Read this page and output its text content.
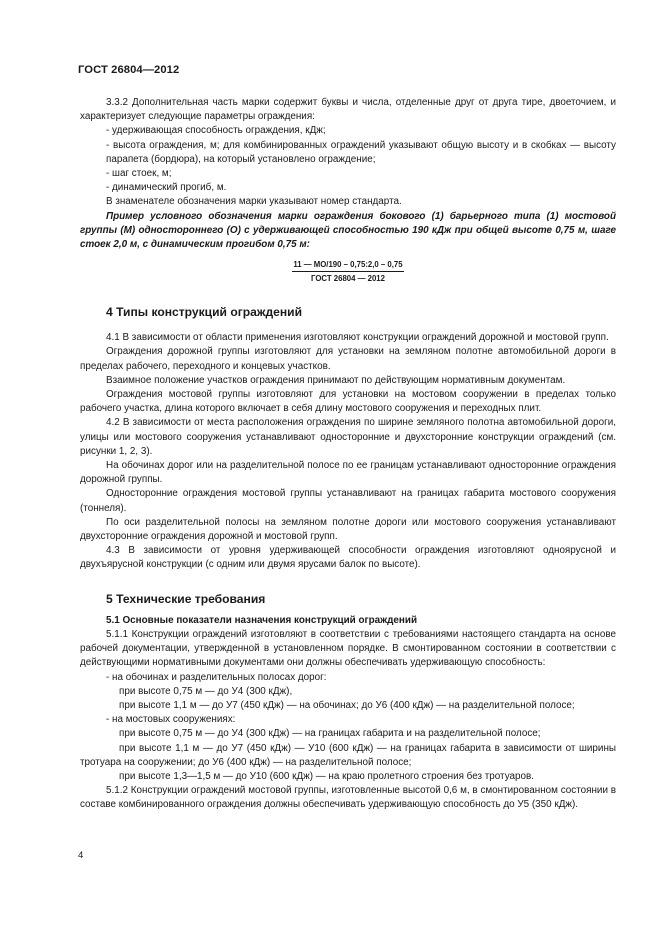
ГОСТ 26804—2012

3.3.2 Дополнительная часть марки содержит буквы и числа, отделенные друг от друга тире, двоеточием, и характеризует следующие параметры ограждения:

- удерживающая способность ограждения, кДж;

- высота ограждения, м; для комбинированных ограждений указывают общую высоту и в скобках — высоту парапета (бордюра), на который установлено ограждение;

- шаг стоек, м;

- динамический прогиб, м.

В знаменателе обозначения марки указывают номер стандарта.

Пример условного обозначения марки ограждения бокового (1) барьерного типа (1) мостовой группы (М) одностороннего (О) с удерживающей способностью 190 кДж при общей высоте 0,75 м, шаге стоек 2,0 м, с динамическим прогибом 0,75 м:

11 — МО/190 – 0,75:2,0 – 0,75
ГОСТ 26804 — 2012
4 Типы конструкций ограждений

4.1 В зависимости от области применения изготовляют конструкции ограждений дорожной и мостовой групп.

Ограждения дорожной группы изготовляют для установки на земляном полотне автомобильной дороги в пределах рабочего, переходного и концевых участков.

Взаимное положение участков ограждения принимают по действующим нормативным документам.

Ограждения мостовой группы изготовляют для установки на мостовом сооружении в пределах только рабочего участка, длина которого включает в себя длину мостового сооружения и переходных плит.

4.2 В зависимости от места расположения ограждения по ширине земляного полотна автомобильной дороги, улицы или мостового сооружения устанавливают односторонние и двухсторонние конструкции ограждений (см. рисунки 1, 2, 3).

На обочинах дорог или на разделительной полосе по ее границам устанавливают односторонние ограждения дорожной группы.

Односторонние ограждения мостовой группы устанавливают на границах габарита мостового сооружения (тоннеля).

По оси разделительной полосы на земляном полотне дороги или мостового сооружения устанавливают двухсторонние ограждения дорожной и мостовой групп.

4.3 В зависимости от уровня удерживающей способности ограждения изготовляют одноярусной и двухъярусной конструкции (с одним или двумя ярусами балок по высоте).

5 Технические требования
5.1 Основные показатели назначения конструкций ограждений

5.1.1 Конструкции ограждений изготовляют в соответствии с требованиями настоящего стандарта на основе рабочей документации, утвержденной в установленном порядке. В смонтированном состоянии в соответствии с действующими нормативными документами они должны обеспечивать удерживающую способность:

- на обочинах и разделительных полосах дорог:

при высоте 0,75 м — до У4 (300 кДж),

при высоте 1,1 м — до У7 (450 кДж) — на обочинах; до У6 (400 кДж) — на разделительной полосе;

- на мостовых сооружениях:

при высоте 0,75 м — до У4 (300 кДж) — на границах габарита и на разделительной полосе;

при высоте 1,1 м — до У7 (450 кДж) — У10 (600 кДж) — на границах габарита в зависимости от ширины тротуара на сооружении; до У6 (400 кДж) — на разделительной полосе;

при высоте 1,3—1,5 м — до У10 (600 кДж) — на краю пролетного строения без тротуаров.

5.1.2 Конструкции ограждений мостовой группы, изготовленные высотой 0,6 м, в смонтированном состоянии в составе комбинированного ограждения должны обеспечивать удерживающую способность до У5 (350 кДж).

4
